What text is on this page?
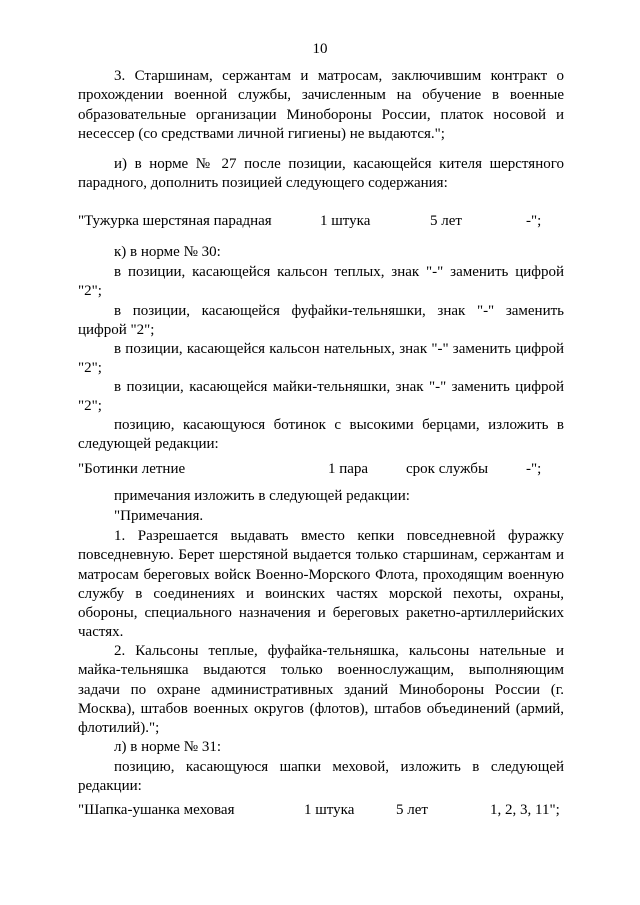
10
3. Старшинам, сержантам и матросам, заключившим контракт о прохождении военной службы, зачисленным на обучение в военные образовательные организации Минобороны России, платок носовой и несессер (со средствами личной гигиены) не выдаются.";
и) в норме № 27 после позиции, касающейся кителя шерстяного парадного, дополнить позицией следующего содержания:
"Тужурка шерстяная парадная	1 штука	5 лет	-";
к) в норме № 30:
в позиции, касающейся кальсон теплых, знак "-" заменить цифрой "2";
в позиции, касающейся фуфайки-тельняшки, знак "-" заменить цифрой "2";
в позиции, касающейся кальсон нательных, знак "-" заменить цифрой "2";
в позиции, касающейся майки-тельняшки, знак "-" заменить цифрой "2";
позицию, касающуюся ботинок с высокими берцами, изложить в следующей редакции:
"Ботинки летние	1 пара	срок службы	-";
примечания изложить в следующей редакции:
"Примечания.
1. Разрешается выдавать вместо кепки повседневной фуражку повседневную. Берет шерстяной выдается только старшинам, сержантам и матросам береговых войск Военно-Морского Флота, проходящим военную службу в соединениях и воинских частях морской пехоты, охраны, обороны, специального назначения и береговых ракетно-артиллерийских частях.
2. Кальсоны теплые, фуфайка-тельняшка, кальсоны нательные и майка-тельняшка выдаются только военнослужащим, выполняющим задачи по охране административных зданий Минобороны России (г. Москва), штабов военных округов (флотов), штабов объединений (армий, флотилий).";
л) в норме № 31:
позицию, касающуюся шапки меховой, изложить в следующей редакции:
"Шапка-ушанка меховая	1 штука	5 лет	1, 2, 3, 11";
